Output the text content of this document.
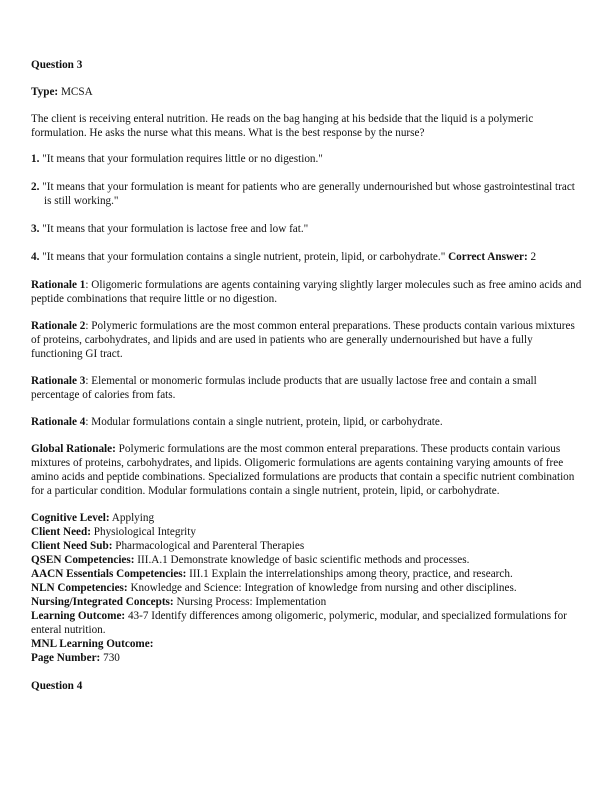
Question 3

Type: MCSA

The client is receiving enteral nutrition. He reads on the bag hanging at his bedside that the liquid is a polymeric formulation. He asks the nurse what this means. What is the best response by the nurse?

1. "It means that your formulation requires little or no digestion."

2. "It means that your formulation is meant for patients who are generally undernourished but whose gastrointestinal tract is still working."

3. "It means that your formulation is lactose free and low fat."

4. "It means that your formulation contains a single nutrient, protein, lipid, or carbohydrate." Correct Answer: 2

Rationale 1: Oligomeric formulations are agents containing varying slightly larger molecules such as free amino acids and peptide combinations that require little or no digestion.

Rationale 2: Polymeric formulations are the most common enteral preparations. These products contain various mixtures of proteins, carbohydrates, and lipids and are used in patients who are generally undernourished but have a fully functioning GI tract.

Rationale 3: Elemental or monomeric formulas include products that are usually lactose free and contain a small percentage of calories from fats.

Rationale 4: Modular formulations contain a single nutrient, protein, lipid, or carbohydrate.

Global Rationale: Polymeric formulations are the most common enteral preparations. These products contain various mixtures of proteins, carbohydrates, and lipids. Oligomeric formulations are agents containing varying amounts of free amino acids and peptide combinations. Specialized formulations are products that contain a specific nutrient combination for a particular condition. Modular formulations contain a single nutrient, protein, lipid, or carbohydrate.

Cognitive Level: Applying

Client Need: Physiological Integrity

Client Need Sub: Pharmacological and Parenteral Therapies

QSEN Competencies: III.A.1 Demonstrate knowledge of basic scientific methods and processes.

AACN Essentials Competencies: III.1 Explain the interrelationships among theory, practice, and research.

NLN Competencies: Knowledge and Science: Integration of knowledge from nursing and other disciplines.

Nursing/Integrated Concepts: Nursing Process: Implementation

Learning Outcome: 43-7 Identify differences among oligomeric, polymeric, modular, and specialized formulations for enteral nutrition.

MNL Learning Outcome:

Page Number: 730

Question 4
